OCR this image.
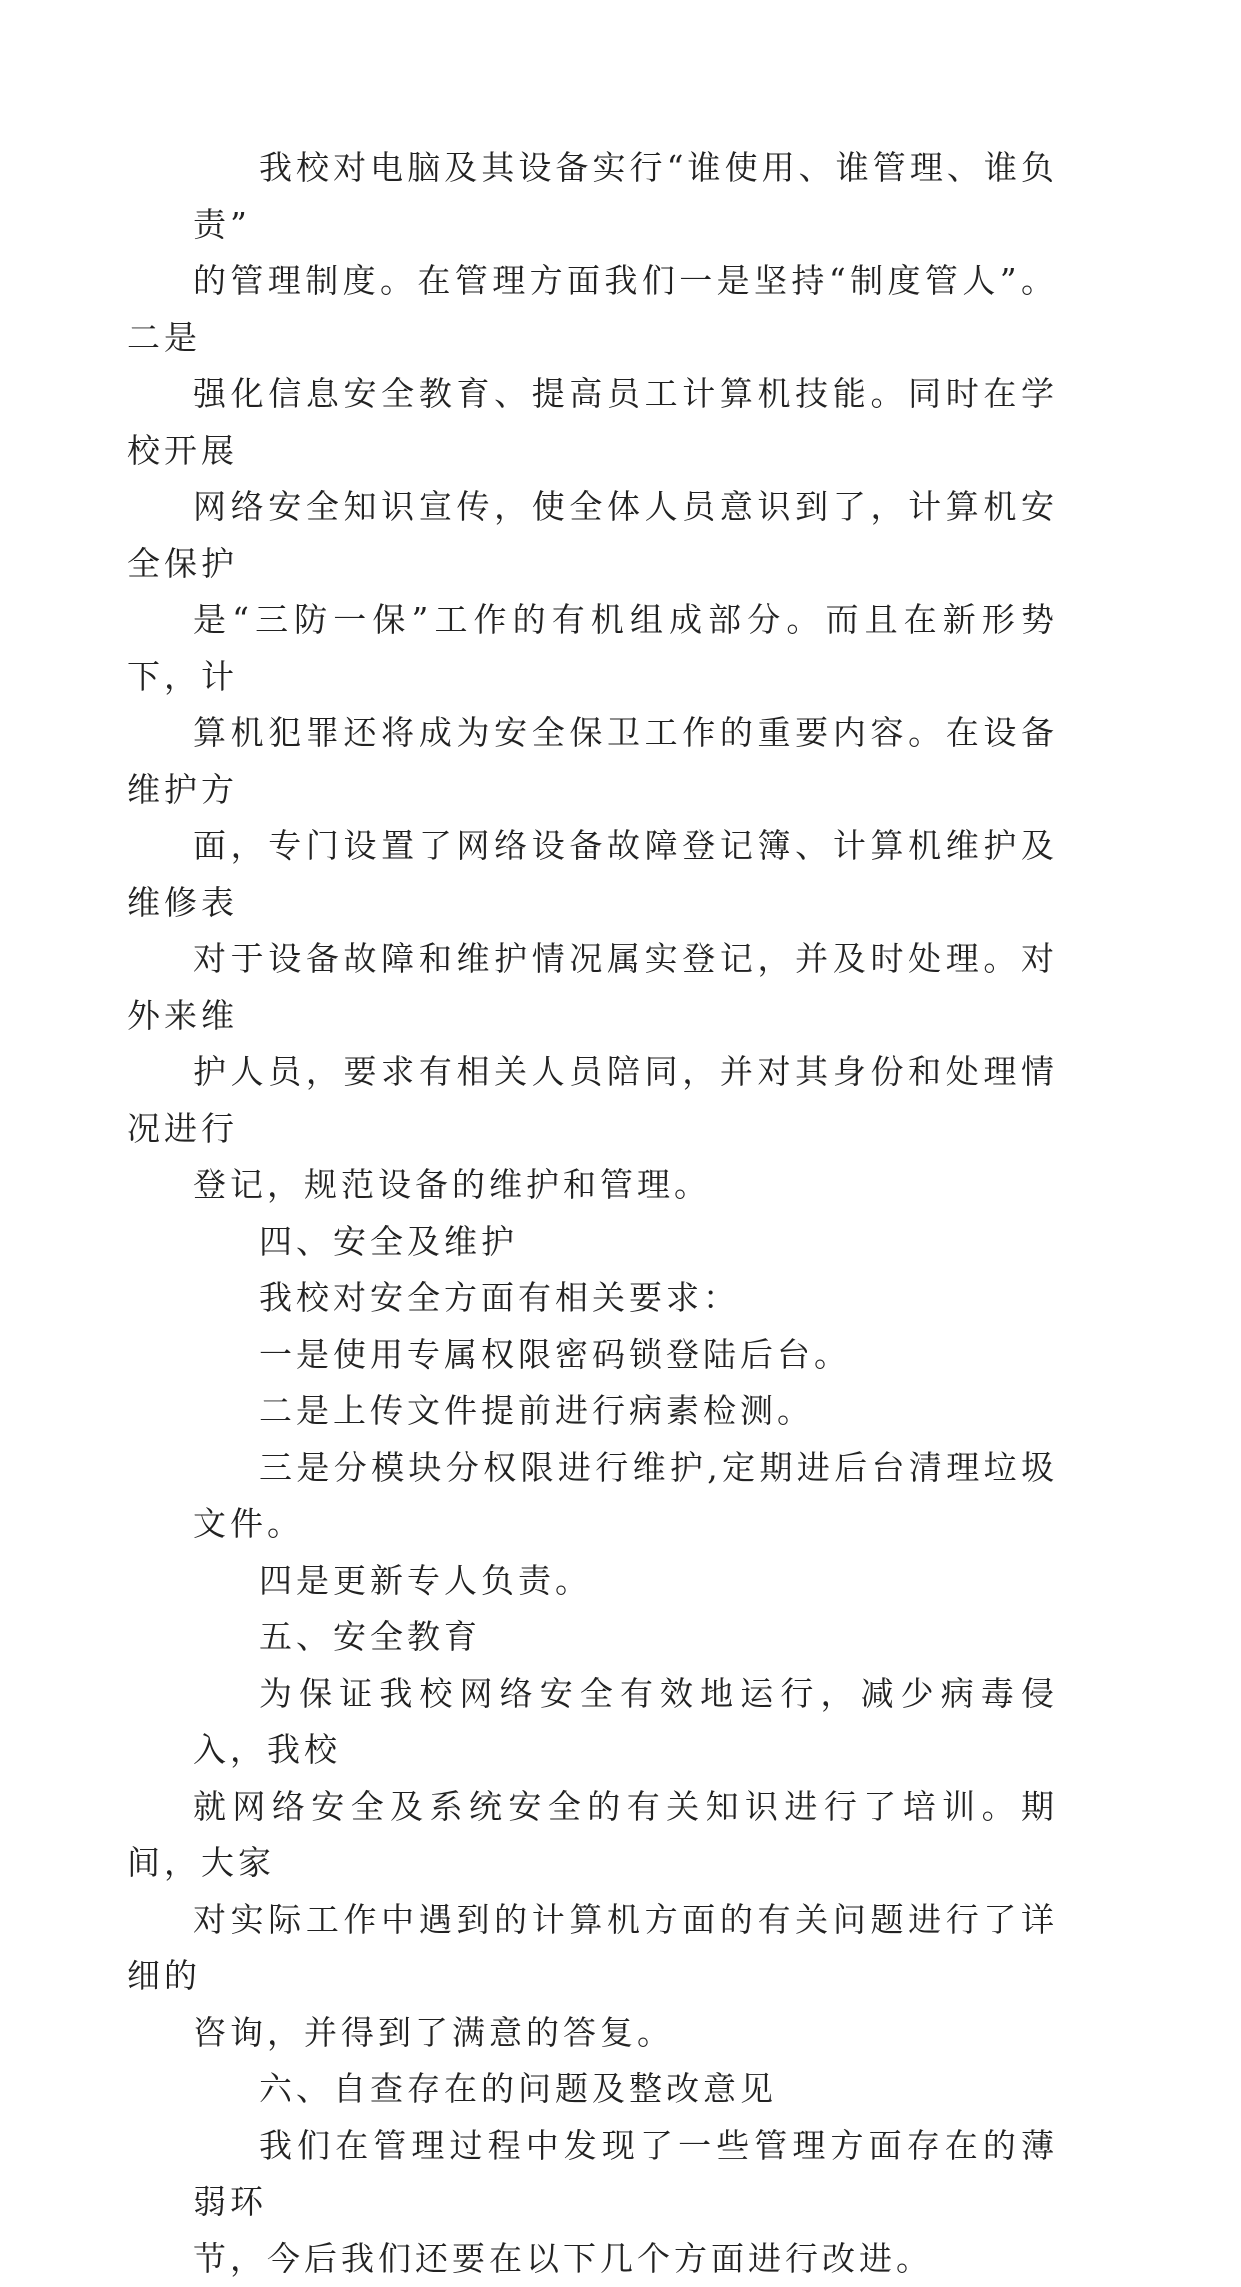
我校对电脑及其设备实行“谁使用、谁管理、谁负责”
的管理制度。在管理方面我们一是坚持“制度管人”。二是
强化信息安全教育、提高员工计算机技能。同时在学校开展
网络安全知识宣传，使全体人员意识到了，计算机安全保护
是“三防一保”工作的有机组成部分。而且在新形势下，计
算机犯罪还将成为安全保卫工作的重要内容。在设备维护方
面，专门设置了网络设备故障登记簿、计算机维护及维修表
对于设备故障和维护情况属实登记，并及时处理。对外来维
护人员，要求有相关人员陪同，并对其身份和处理情况进行
登记，规范设备的维护和管理。
四、安全及维护
我校对安全方面有相关要求：
一是使用专属权限密码锁登陆后台。
二是上传文件提前进行病素检测。
三是分模块分权限进行维护,定期进后台清理垃圾文件。
四是更新专人负责。
五、安全教育
为保证我校网络安全有效地运行，减少病毒侵入，我校
就网络安全及系统安全的有关知识进行了培训。期间，大家
对实际工作中遇到的计算机方面的有关问题进行了详细的
咨询，并得到了满意的答复。
六、自查存在的问题及整改意见
我们在管理过程中发现了一些管理方面存在的薄弱环
节，今后我们还要在以下几个方面进行改进。
